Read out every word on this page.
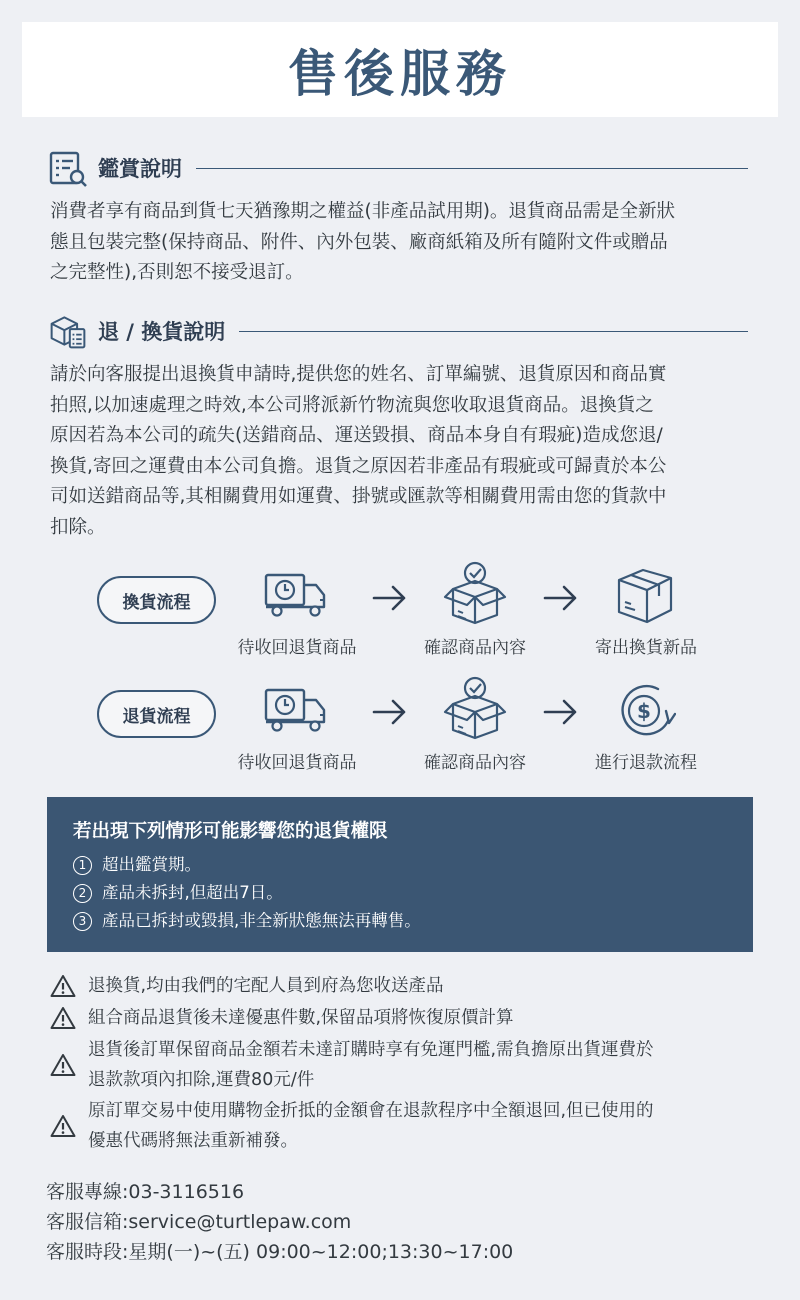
售後服務
鑑賞說明
消費者享有商品到貨七天猶豫期之權益(非產品試用期)。退貨商品需是全新狀
態且包裝完整(保持商品、附件、內外包裝、廠商紙箱及所有隨附文件或贈品
之完整性),否則恕不接受退訂。
退 / 換貨說明
請於向客服提出退換貨申請時,提供您的姓名、訂單編號、退貨原因和商品實
拍照,以加速處理之時效,本公司將派新竹物流與您收取退貨商品。退換貨之
原因若為本公司的疏失(送錯商品、運送毀損、商品本身自有瑕疵)造成您退/
換貨,寄回之運費由本公司負擔。退貨之原因若非產品有瑕疵或可歸責於本公
司如送錯商品等,其相關費用如運費、掛號或匯款等相關費用需由您的貨款中
扣除。
換貨流程
待收回退貨商品	確認商品內容	寄出換貨新品
退貨流程	$
待收回退貨商品	確認商品內容	進行退款流程
若出現下列情形可能影響您的退貨權限
1 超出鑑賞期。
2 產品未拆封,但超出7日。
3 產品已拆封或毀損,非全新狀態無法再轉售。
退換貨,均由我們的宅配人員到府為您收送產品
組合商品退貨後未達優惠件數,保留品項將恢復原價計算
退貨後訂單保留商品金額若未達訂購時享有免運門檻,需負擔原出貨運費於
退款款項內扣除,運費80元/件
原訂單交易中使用購物金折抵的金額會在退款程序中全額退回,但已使用的
優惠代碼將無法重新補發。
客服專線:03-3116516
客服信箱:service@turtlepaw.com
客服時段:星期(一)~(五) 09:00~12:00;13:30~17:00
